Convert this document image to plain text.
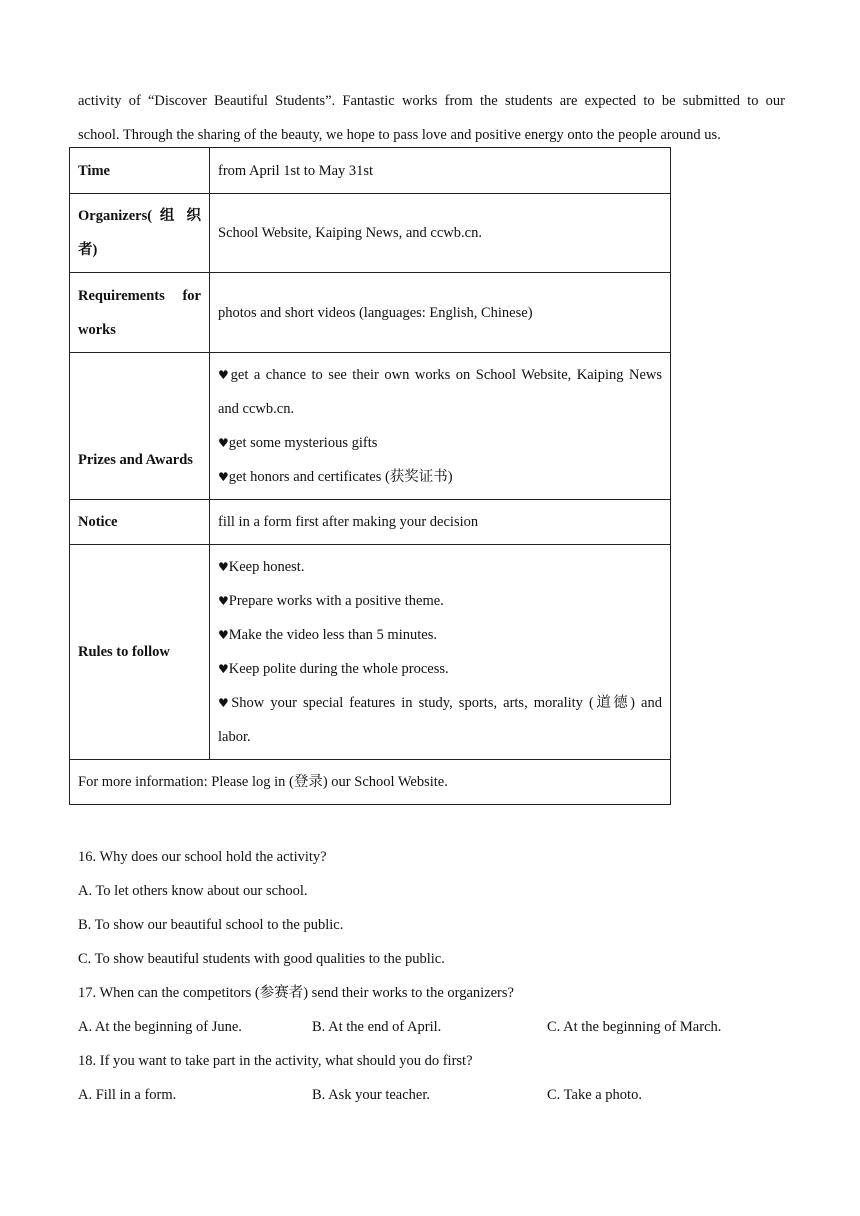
activity of “Discover Beautiful Students”. Fantastic works from the students are expected to be submitted to our
school. Through the sharing of the beauty, we hope to pass love and positive energy onto the people around us.

Time	from April 1st to May 31st
Organizers( 组 织 者)	School Website, Kaiping News, and ccwb.cn.
Requirements for works	photos and short videos (languages: English, Chinese)
Prizes and Awards	♥get a chance to see their own works on School Website, Kaiping News and ccwb.cn.
♥get some mysterious gifts
♥get honors and certificates (获奖证书)

Notice	fill in a form first after making your decision
Rules to follow	♥Keep honest.
♥Prepare works with a positive theme.
♥Make the video less than 5 minutes.
♥Keep polite during the whole process.
♥Show your special features in study, sports, arts, morality (道德) and labor.

For more information: Please log in (登录) our School Website.	
16. Why does our school hold the activity?
A. To let others know about our school.
B. To show our beautiful school to the public.
C. To show beautiful students with good qualities to the public.
17. When can the competitors (参赛者) send their works to the organizers?
A. At the beginning of June.	B. At the end of April.	C. At the beginning of March.
18. If you want to take part in the activity, what should you do first?
A. Fill in a form.	B. Ask your teacher.	C. Take a photo.
